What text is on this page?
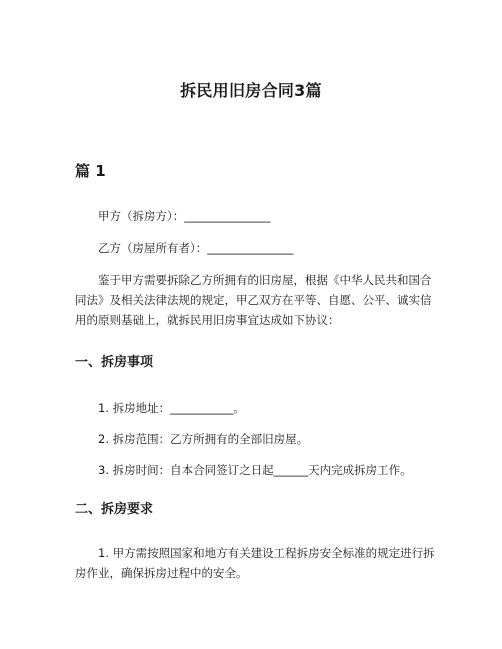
拆民用旧房合同3篇
篇 1
甲方（拆房方）：_______________
乙方（房屋所有者）：_______________
鉴于甲方需要拆除乙方所拥有的旧房屋，根据《中华人民共和国合同法》及相关法律法规的规定，甲乙双方在平等、自愿、公平、诚实信用的原则基础上，就拆民用旧房事宜达成如下协议：
一、拆房事项
1. 拆房地址：___________。
2. 拆房范围：乙方所拥有的全部旧房屋。
3. 拆房时间：自本合同签订之日起______天内完成拆房工作。
二、拆房要求
1. 甲方需按照国家和地方有关建设工程拆房安全标准的规定进行拆房作业，确保拆房过程中的安全。
